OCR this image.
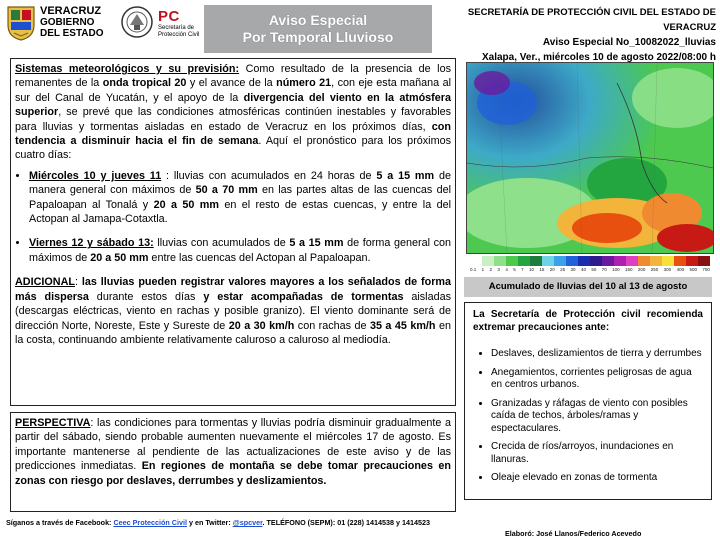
VERACRUZ
GOBIERNO
DEL ESTADO
PC
Secretaría de Protección Civil
Aviso Especial
Por Temporal Lluvioso
SECRETARÍA DE PROTECCIÓN CIVIL DEL ESTADO DE VERACRUZ
Aviso Especial No_10082022_lluvias
Xalapa, Ver., miércoles 10 de agosto 2022/08:00 h

Sistemas meteorológicos y su previsión: Como resultado de la presencia de los remanentes de la onda tropical 20 y el avance de la número 21, con eje esta mañana al sur del Canal de Yucatán, y el apoyo de la divergencia del viento en la atmósfera superior, se prevé que las condiciones atmosféricas continúen inestables y favorables para lluvias y tormentas aisladas en estado de Veracruz en los próximos días, con tendencia a disminuir hacia el fin de semana. Aquí el pronóstico para los próximos cuatro días:

• Miércoles 10 y jueves 11 : lluvias con acumulados en 24 horas de 5 a 15 mm de manera general con máximos de 50 a 70 mm en las partes altas de las cuencas del Papaloapan al Tonalá y 20 a 50 mm en el resto de estas cuencas, y entre la del Actopan al Jamapa-Cotaxtla.
• Viernes 12 y sábado 13: lluvias con acumulados de 5 a 15 mm de forma general con máximos de 20 a 50 mm entre las cuencas del Actopan al Papaloapan.

ADICIONAL: las lluvias pueden registrar valores mayores a los señalados de forma más dispersa durante estos días y estar acompañadas de tormentas aisladas (descargas eléctricas, viento en rachas y posible granizo). El viento dominante será de dirección Norte, Noreste, Este y Sureste de 20 a 30 km/h con rachas de 35 a 45 km/h en la costa, continuando ambiente relativamente caluroso a caluroso al mediodía.

PERSPECTIVA: las condiciones para tormentas y lluvias podría disminuir gradualmente a partir del sábado, siendo probable aumenten nuevamente el miércoles 17 de agosto. Es importante mantenerse al pendiente de las actualizaciones de este aviso y de las predicciones inmediatas. En regiones de montaña se debe tomar precauciones en zonas con riesgo por deslaves, derrumbes y deslizamientos.
0.1 1 2 3 4 5 7 10 15 20 25 30 40 50 70 100 150 200 250 300 400 500 700
Acumulado de lluvias del 10 al 13 de agosto
La Secretaría de Protección civil recomienda extremar precauciones ante:
• Deslaves, deslizamientos de tierra y derrumbes
• Anegamientos, corrientes peligrosas de agua en centros urbanos.
• Granizadas y ráfagas de viento con posibles caída de techos, árboles/ramas y espectaculares.
• Crecida de ríos/arroyos, inundaciones en llanuras.
• Oleaje elevado en zonas de tormenta
Síganos a través de Facebook: Ceec Protección Civil y en Twitter: @spcver. TELÉFONO (SEPM): 01 (228) 1414538 y 1414523
Elaboró: José Llanos/Federico Acevedo
